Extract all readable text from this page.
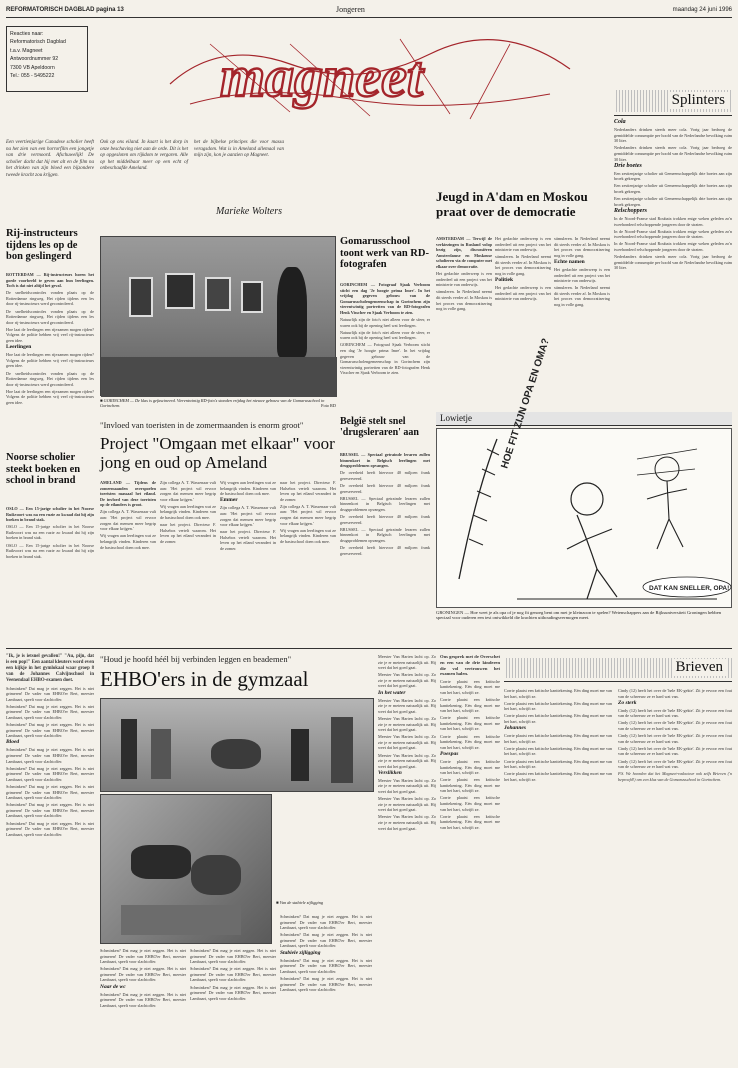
REFORMATORISCH DAGBLAD pagina 13	Jongeren	maandag 24 juni 1996
Reacties naar:
Reformatorisch Dagblad
t.a.v. Magneet
Antwoordnummer 92
7300 VB Apeldoorn
Tel.: 055 - 5495222	magneet	Splinters

Cola

Nederlanders drinken steeds meer cola. Vorig jaar bedroeg de gemiddelde consumptie per hoofd van de Nederlandse bevolking ruim 30 liter.

Nederlanders drinken steeds meer cola. Vorig jaar bedroeg de gemiddelde consumptie per hoofd van de Nederlandse bevolking ruim 30 liter.

Drie boetes

Een zestienjarige scholier uit Gemeenschappelijk drie boetes aan zijn broek gekregen.

Een zestienjarige scholier uit Gemeenschappelijk drie boetes aan zijn broek gekregen.

Een zestienjarige scholier uit Gemeenschappelijk drie boetes aan zijn broek gekregen.

Relschoppers

In de Noord-Franse stad Roubaix trokken enige weken geleden zo'n tweehonderd relschoppende jongeren door de straten.

In de Noord-Franse stad Roubaix trokken enige weken geleden zo'n tweehonderd relschoppende jongeren door de straten.

In de Noord-Franse stad Roubaix trokken enige weken geleden zo'n tweehonderd relschoppende jongeren door de straten.

Nederlanders drinken steeds meer cola. Vorig jaar bedroeg de gemiddelde consumptie per hoofd van de Nederlandse bevolking ruim 30 liter.

Een veertienjarige Canadese scholier heeft na het zien van een horrorfilm een jongetje van drie vermoord. Afschuwelijk! De scholier dacht dat hij met alt en de film na het drinken van zijn bloed een bijzondere tweede kracht zou krijgen.
Ook op ons eiland. In kaart is het dorp in onze beschaving niet aan de orde. Dit is het op opgesloten om rijkdom te vergaren. Alle op het middelbaar meer op een echt of onbeschaafde Ameland.
het de bijbelse principes die voor massa veragsdom. Wat is in Ameland allemaal van mijn zijn, kon je aanzien op Magneet.
Marieke Wolters
Rij-instructeurs tijdens les op de bon geslingerd

ROTTERDAM — Rij-instructeurs horen het goede voorbeeld te geven aan hun leerlingen. Toch is dat niet altijd het geval.

De snelheidscontroles vonden plaats op de Rotterdamse ringweg. Het rijden tijdens een les door rij-instructeurs werd gecontroleerd.

De snelheidscontroles vonden plaats op de Rotterdamse ringweg. Het rijden tijdens een les door rij-instructeurs werd gecontroleerd.

Hoe laat de leerlingen een rijexamen mogen rijden? Volgens de politie hebben vrij veel rij-instructeurs geen idee.

Leerlingen

Hoe laat de leerlingen een rijexamen mogen rijden? Volgens de politie hebben vrij veel rij-instructeurs geen idee.

De snelheidscontroles vonden plaats op de Rotterdamse ringweg. Het rijden tijdens een les door rij-instructeurs werd gecontroleerd.

Hoe laat de leerlingen een rijexamen mogen rijden? Volgens de politie hebben vrij veel rij-instructeurs geen idee.

Noorse scholier steekt boeken en school in brand

OSLO — Een 15-jarige scholier in het Noorse Ruikvoort was na een ruzie zo kwaad dat hij zijn boeken in brand stak.

OSLO — Een 15-jarige scholier in het Noorse Ruikvoort was na een ruzie zo kwaad dat hij zijn boeken in brand stak.

OSLO — Een 15-jarige scholier in het Noorse Ruikvoort was na een ruzie zo kwaad dat hij zijn boeken in brand stak.

■ GORINCHEM — De klas is gefascineerd. Vierentwintig RD-foto's stonden vrijdag het nieuwe gebouw van de Gomarusschool in Gorinchem.	Foto RD
Gomarusschool toont werk van RD-fotografen

GORINCHEM — Fotograaf Sjaak Verboom sticht een dag 'Je hoogte prima Imre'. In het vrijdag gegeven gebouw van de Gomarusscholengemeenschap in Gorinchem zijn vierentwintig portretten van de RD-fotografen Henk Visscher en Sjaak Verboom te zien.

Natuurlijk zijn de foto's niet alleen voor de sfeer, er waren ook bij de opening heel wat leerlingen.

Natuurlijk zijn de foto's niet alleen voor de sfeer, er waren ook bij de opening heel wat leerlingen.

GORINCHEM — Fotograaf Sjaak Verboom sticht een dag 'Je hoogte prima Imre'. In het vrijdag gegeven gebouw van de Gomarusscholengemeenschap in Gorinchem zijn vierentwintig portretten van de RD-fotografen Henk Visscher en Sjaak Verboom te zien.

België stelt snel 'drugsleraren' aan

BRUSSEL — Speciaal getrainde leraren zullen binnenkort in Belgisch leerlingen met drugsproblemen opvangen.

De overheid heeft hiervoor 40 miljoen frank gereserveerd.

De overheid heeft hiervoor 40 miljoen frank gereserveerd.

BRUSSEL — Speciaal getrainde leraren zullen binnenkort in Belgisch leerlingen met drugsproblemen opvangen.

De overheid heeft hiervoor 40 miljoen frank gereserveerd.

BRUSSEL — Speciaal getrainde leraren zullen binnenkort in Belgisch leerlingen met drugsproblemen opvangen.

De overheid heeft hiervoor 40 miljoen frank gereserveerd.

"Invloed van toeristen in de zomermaanden is enorm groot"
Project "Omgaan met elkaar" voor jong en oud op Ameland

AMELAND — Tijdens de zomermaanden overspoelen toeristen massaal het eiland. De invloed van deze toeristen op de eilanders is groot.

Zijn collega A. T. Wassenaar vult aan: 'Het project wil ervoor zorgen dat mensen meer begrip voor elkaar krijgen.'

Wij vragen aan leerlingen wat ze belangrijk vinden. Kinderen van de basisschool doen ook mee.

Zijn collega A. T. Wassenaar vult aan: 'Het project wil ervoor zorgen dat mensen meer begrip voor elkaar krijgen.'

Wij vragen aan leerlingen wat ze belangrijk vinden. Kinderen van de basisschool doen ook mee.

naar het project. Directeur F. Halsebos vertelt waarom. Het leven op het eiland verandert in de zomer.

Wij vragen aan leerlingen wat ze belangrijk vinden. Kinderen van de basisschool doen ook mee.

Emmer

Zijn collega A. T. Wassenaar vult aan: 'Het project wil ervoor zorgen dat mensen meer begrip voor elkaar krijgen.'

naar het project. Directeur F. Halsebos vertelt waarom. Het leven op het eiland verandert in de zomer.

naar het project. Directeur F. Halsebos vertelt waarom. Het leven op het eiland verandert in de zomer.

Zijn collega A. T. Wassenaar vult aan: 'Het project wil ervoor zorgen dat mensen meer begrip voor elkaar krijgen.'

Wij vragen aan leerlingen wat ze belangrijk vinden. Kinderen van de basisschool doen ook mee.

Jeugd in A'dam en Moskou praat over de democratie

AMSTERDAM — Terwijl de verkiezingen in Rusland volop bezig zijn, discussiëren Amsterdamse en Moskouse scholieren via de computer met elkaar over democratie.

Het gedachte onderwerp is een onderdeel uit een project van het ministerie van onderwijs.

stimuleren. In Nederland neemt dit steeds verder af. In Moskou is het proces van democratisering nog in volle gang.

Het gedachte onderwerp is een onderdeel uit een project van het ministerie van onderwijs.

stimuleren. In Nederland neemt dit steeds verder af. In Moskou is het proces van democratisering nog in volle gang.

Politiek

Het gedachte onderwerp is een onderdeel uit een project van het ministerie van onderwijs.

stimuleren. In Nederland neemt dit steeds verder af. In Moskou is het proces van democratisering nog in volle gang.

Echte namen

Het gedachte onderwerp is een onderdeel uit een project van het ministerie van onderwijs.

stimuleren. In Nederland neemt dit steeds verder af. In Moskou is het proces van democratisering nog in volle gang.

Lowietje	HOE FIT ZIJN OPA EN OMA?
DAT KAN SNELLER, OPA!
GRONINGEN — Hoe weet je als opa of je nog fit genoeg bent om met je kleinzoon te spelen? Wetenschappers aan de Rijksuniversiteit Groningen hebben speciaal voor ouderen een test ontwikkeld die krachten uithoudingsvermogen meet.

"Ik, je is ietsnel gevallen!" "Au, pijn, dat is een pop!" Een aantal kleuters word even een kijkje in het gymlokaal waar groep 8 van de Johannes Calvijnschool in Veenendaal EHBO-examen doet.

Schminken? Dat mag je niet zeggen. Het is niet grimeren! De vader van EHBO'er Bert, meester Lambaart, speelt voor slachtoffer.

Schminken? Dat mag je niet zeggen. Het is niet grimeren! De vader van EHBO'er Bert, meester Lambaart, speelt voor slachtoffer.

Schminken? Dat mag je niet zeggen. Het is niet grimeren! De vader van EHBO'er Bert, meester Lambaart, speelt voor slachtoffer.

Bloed

Schminken? Dat mag je niet zeggen. Het is niet grimeren! De vader van EHBO'er Bert, meester Lambaart, speelt voor slachtoffer.

Schminken? Dat mag je niet zeggen. Het is niet grimeren! De vader van EHBO'er Bert, meester Lambaart, speelt voor slachtoffer.

Schminken? Dat mag je niet zeggen. Het is niet grimeren! De vader van EHBO'er Bert, meester Lambaart, speelt voor slachtoffer.

Schminken? Dat mag je niet zeggen. Het is niet grimeren! De vader van EHBO'er Bert, meester Lambaart, speelt voor slachtoffer.

Schminken? Dat mag je niet zeggen. Het is niet grimeren! De vader van EHBO'er Bert, meester Lambaart, speelt voor slachtoffer.

"Houd je hoofd héél bij verbinden leggen en beademen"
EHBO'ers in de gymzaal
■ Van de stabiele zijligging

Schminken? Dat mag je niet zeggen. Het is niet grimeren! De vader van EHBO'er Bert, meester Lambaart, speelt voor slachtoffer.

Schminken? Dat mag je niet zeggen. Het is niet grimeren! De vader van EHBO'er Bert, meester Lambaart, speelt voor slachtoffer.

Naar de wc

Schminken? Dat mag je niet zeggen. Het is niet grimeren! De vader van EHBO'er Bert, meester Lambaart, speelt voor slachtoffer.

Schminken? Dat mag je niet zeggen. Het is niet grimeren! De vader van EHBO'er Bert, meester Lambaart, speelt voor slachtoffer.

Schminken? Dat mag je niet zeggen. Het is niet grimeren! De vader van EHBO'er Bert, meester Lambaart, speelt voor slachtoffer.

Schminken? Dat mag je niet zeggen. Het is niet grimeren! De vader van EHBO'er Bert, meester Lambaart, speelt voor slachtoffer.

Schminken? Dat mag je niet zeggen. Het is niet grimeren! De vader van EHBO'er Bert, meester Lambaart, speelt voor slachtoffer.

Schminken? Dat mag je niet zeggen. Het is niet grimeren! De vader van EHBO'er Bert, meester Lambaart, speelt voor slachtoffer.

Stabiele zijligging

Schminken? Dat mag je niet zeggen. Het is niet grimeren! De vader van EHBO'er Bert, meester Lambaart, speelt voor slachtoffer.

Schminken? Dat mag je niet zeggen. Het is niet grimeren! De vader van EHBO'er Bert, meester Lambaart, speelt voor slachtoffer.

Meester Van Harten lacht op. Zo zie je er meteen natuurlijk uit. Hij weet dat het goed gaat.

Meester Van Harten lacht op. Zo zie je er meteen natuurlijk uit. Hij weet dat het goed gaat.

In het water

Meester Van Harten lacht op. Zo zie je er meteen natuurlijk uit. Hij weet dat het goed gaat.

Meester Van Harten lacht op. Zo zie je er meteen natuurlijk uit. Hij weet dat het goed gaat.

Meester Van Harten lacht op. Zo zie je er meteen natuurlijk uit. Hij weet dat het goed gaat.

Meester Van Harten lacht op. Zo zie je er meteen natuurlijk uit. Hij weet dat het goed gaat.

Verslikken

Meester Van Harten lacht op. Zo zie je er meteen natuurlijk uit. Hij weet dat het goed gaat.

Meester Van Harten lacht op. Zo zie je er meteen natuurlijk uit. Hij weet dat het goed gaat.

Meester Van Harten lacht op. Zo zie je er meteen natuurlijk uit. Hij weet dat het goed gaat.

Ons gesprek met de Overschet en een van de drie kinderen die vol vertrouwen het examen halen.

Corrie plaatst een kritische kanttekening. Eén ding moet me van het hart, schrijft ze.

Corrie plaatst een kritische kanttekening. Eén ding moet me van het hart, schrijft ze.

Corrie plaatst een kritische kanttekening. Eén ding moet me van het hart, schrijft ze.

Corrie plaatst een kritische kanttekening. Eén ding moet me van het hart, schrijft ze.

Poespas

Corrie plaatst een kritische kanttekening. Eén ding moet me van het hart, schrijft ze.

Corrie plaatst een kritische kanttekening. Eén ding moet me van het hart, schrijft ze.

Corrie plaatst een kritische kanttekening. Eén ding moet me van het hart, schrijft ze.

Corrie plaatst een kritische kanttekening. Eén ding moet me van het hart, schrijft ze.

Brieven

Corrie plaatst een kritische kanttekening. Eén ding moet me van het hart, schrijft ze.

Corrie plaatst een kritische kanttekening. Eén ding moet me van het hart, schrijft ze.

Corrie plaatst een kritische kanttekening. Eén ding moet me van het hart, schrijft ze.

Johannes

Corrie plaatst een kritische kanttekening. Eén ding moet me van het hart, schrijft ze.

Corrie plaatst een kritische kanttekening. Eén ding moet me van het hart, schrijft ze.

Corrie plaatst een kritische kanttekening. Eén ding moet me van het hart, schrijft ze.

Corrie plaatst een kritische kanttekening. Eén ding moet me van het hart, schrijft ze.

Cindy (12) heeft het over de 'hele EK-gekte'. Zit je ervoor een fout van de schreeuw ze er hard wat van.

Zo sterk

Cindy (12) heeft het over de 'hele EK-gekte'. Zit je ervoor een fout van de schreeuw ze er hard wat van.

Cindy (12) heeft het over de 'hele EK-gekte'. Zit je ervoor een fout van de schreeuw ze er hard wat van.

Cindy (12) heeft het over de 'hele EK-gekte'. Zit je ervoor een fout van de schreeuw ze er hard wat van.

Cindy (12) heeft het over de 'hele EK-gekte'. Zit je ervoor een fout van de schreeuw ze er hard wat van.

Cindy (12) heeft het over de 'hele EK-gekte'. Zit je ervoor een fout van de schreeuw ze er hard wat van.

P.S. We hoorden dat het Magneet-redacteur ook zelfs Brieven ('n beproefd!) om een klus van de Gomarusschool in Gorinchem.
